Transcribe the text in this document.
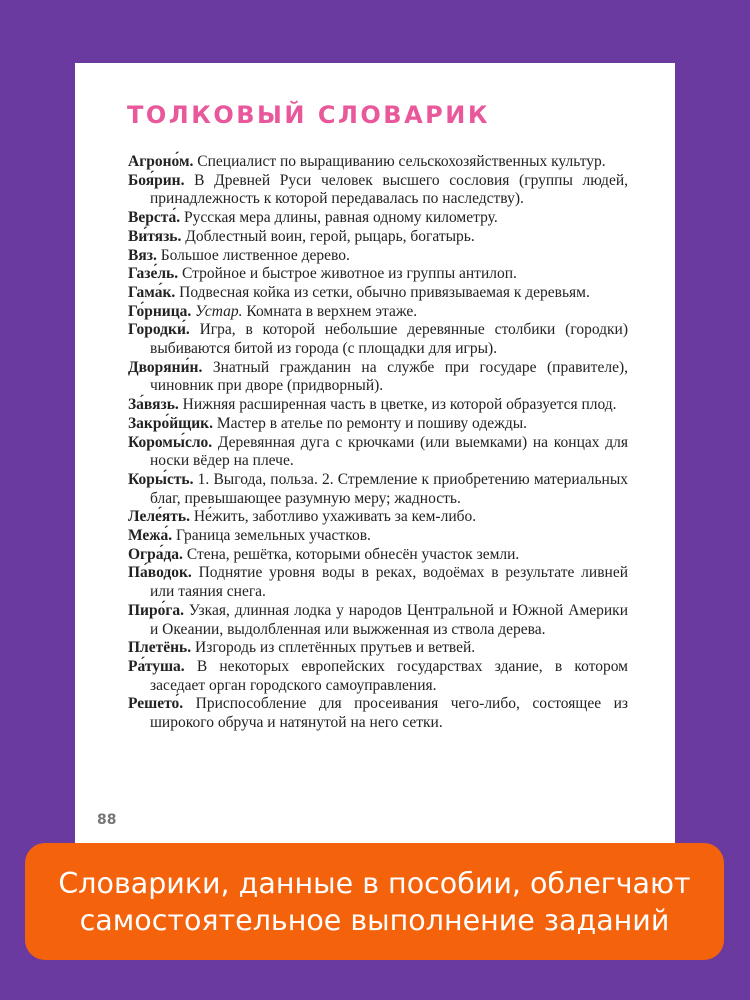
ТОЛКОВЫЙ СЛОВАРИК
Агроно́м. Специалист по выращиванию сельскохозяйственных культур.
Боя́рин. В Древней Руси человек высшего сословия (группы людей, принадлежность к которой передавалась по наследству).
Верста́. Русская мера длины, равная одному километру.
Ви́тязь. Доблестный воин, герой, рыцарь, богатырь.
Вяз. Большое лиственное дерево.
Газе́ль. Стройное и быстрое животное из группы антилоп.
Гама́к. Подвесная койка из сетки, обычно привязываемая к деревьям.
Го́рница. Устар. Комната в верхнем этаже.
Городки́. Игра, в которой небольшие деревянные столбики (городки) выбиваются битой из города (с площадки для игры).
Дворяни́н. Знатный гражданин на службе при государе (правителе), чиновник при дворе (придворный).
За́вязь. Нижняя расширенная часть в цветке, из которой образуется плод.
Закро́йщик. Мастер в ателье по ремонту и пошиву одежды.
Коромы́сло. Деревянная дуга с крючками (или выемками) на концах для носки вёдер на плече.
Коры́сть. 1. Выгода, польза. 2. Стремление к приобретению материальных благ, превышающее разумную меру; жадность.
Леле́ять. Не́жить, заботливо ухаживать за кем-либо.
Межа́. Граница земельных участков.
Огра́да. Стена, решётка, которыми обнесён участок земли.
Па́водок. Поднятие уровня воды в реках, водоёмах в результате ливней или таяния снега.
Пиро́га. Узкая, длинная лодка у народов Центральной и Южной Америки и Океании, выдолбленная или выжженная из ствола дерева.
Плетёнь. Изгородь из сплетённых прутьев и ветвей.
Ра́туша. В некоторых европейских государствах здание, в котором заседает орган городского самоуправления.
Решето́. Приспособление для просеивания чего-либо, состоящее из широкого обруча и натянутой на него сетки.
88
Словарики, данные в пособии, облегчают
самостоятельное выполнение заданий
